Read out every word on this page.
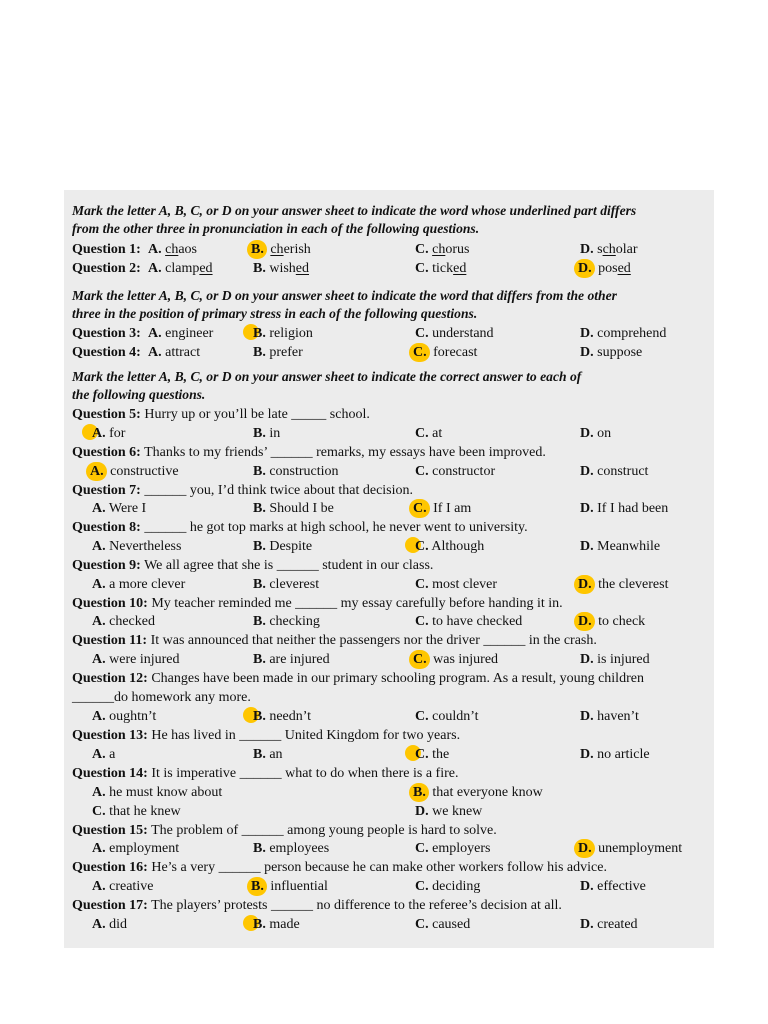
Mark the letter A, B, C, or D on your answer sheet to indicate the word whose underlined part differs
from the other three in pronunciation in each of the following questions.
Question 1: A. chaos	B. cherish	C. chorus	D. scholar
Question 2: A. clamped	B. wished	C. ticked	D. posed
Mark the letter A, B, C, or D on your answer sheet to indicate the word that differs from the other
three in the position of primary stress in each of the following questions.
Question 3: A. engineer	B. religion	C. understand	D. comprehend
Question 4: A. attract	B. prefer	C. forecast	D. suppose
Mark the letter A, B, C, or D on your answer sheet to indicate the correct answer to each of
the following questions.
Question 5: Hurry up or you’ll be late _____ school.
A. for	B. in	C. at	D. on
Question 6: Thanks to my friends’ ______ remarks, my essays have been improved.
A. constructive	B. construction	C. constructor	D. construct
Question 7: ______ you, I’d think twice about that decision.
A. Were I	B. Should I be	C. If I am	D. If I had been
Question 8: ______ he got top marks at high school, he never went to university.
A. Nevertheless	B. Despite	C. Although	D. Meanwhile
Question 9: We all agree that she is ______ student in our class.
A. a more clever	B. cleverest	C. most clever	D. the cleverest
Question 10: My teacher reminded me ______ my essay carefully before handing it in.
A. checked	B. checking	C. to have checked	D. to check
Question 11: It was announced that neither the passengers nor the driver ______ in the crash.
A. were injured	B. are injured	C. was injured	D. is injured
Question 12: Changes have been made in our primary schooling program. As a result, young children
______do homework any more.
A. oughtn’t	B. needn’t	C. couldn’t	D. haven’t
Question 13: He has lived in ______ United Kingdom for two years.
A. a	B. an	C. the	D. no article
Question 14: It is imperative ______ what to do when there is a fire.
A. he must know about	B. that everyone know
C. that he knew	D. we knew
Question 15: The problem of ______ among young people is hard to solve.
A. employment	B. employees	C. employers	D. unemployment
Question 16: He’s a very ______ person because he can make other workers follow his advice.
A. creative	B. influential	C. deciding	D. effective
Question 17: The players’ protests ______ no difference to the referee’s decision at all.
A. did	B. made	C. caused	D. created
